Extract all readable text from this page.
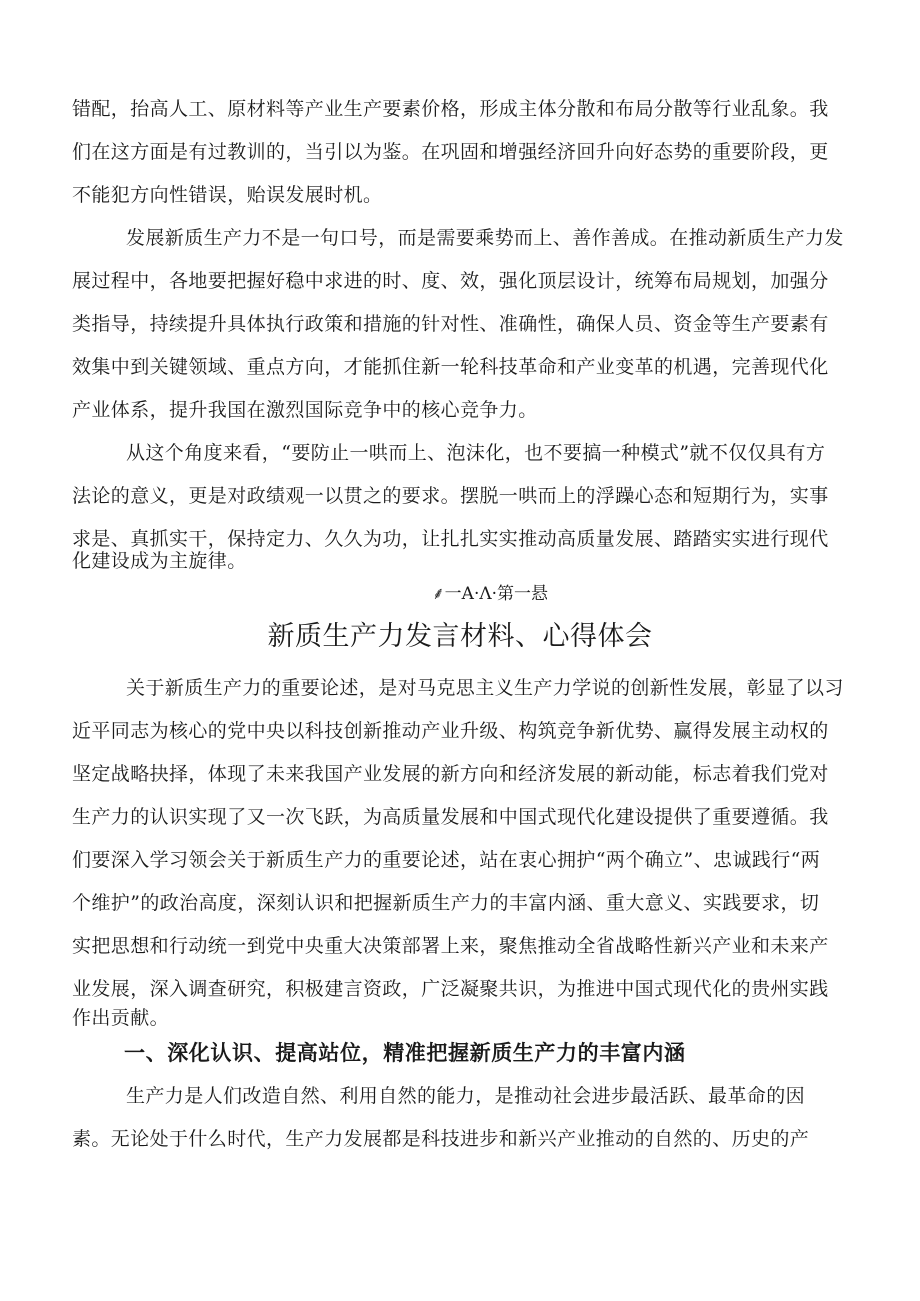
错配，抬高人工、原材料等产业生产要素价格，形成主体分散和布局分散等行业乱象。我
们在这方面是有过教训的，当引以为鉴。在巩固和增强经济回升向好态势的重要阶段，更
不能犯方向性错误，贻误发展时机。
发展新质生产力不是一句口号，而是需要乘势而上、善作善成。在推动新质生产力发
展过程中，各地要把握好稳中求进的时、度、效，强化顶层设计，统筹布局规划，加强分
类指导，持续提升具体执行政策和措施的针对性、准确性，确保人员、资金等生产要素有
效集中到关键领域、重点方向，才能抓住新一轮科技革命和产业变革的机遇，完善现代化
产业体系，提升我国在激烈国际竞争中的核心竞争力。
从这个角度来看，“要防止一哄而上、泡沫化，也不要搞一种模式”就不仅仅具有方
法论的意义，更是对政绩观一以贯之的要求。摆脱一哄而上的浮躁心态和短期行为，实事
求是、真抓实干，保持定力、久久为功，让扎扎实实推动高质量发展、踏踏实实进行现代
化建设成为主旋律。
⸙一A·Λ·第一悬
新质生产力发言材料、心得体会
关于新质生产力的重要论述，是对马克思主义生产力学说的创新性发展，彰显了以习
近平同志为核心的党中央以科技创新推动产业升级、构筑竞争新优势、赢得发展主动权的
坚定战略抉择，体现了未来我国产业发展的新方向和经济发展的新动能，标志着我们党对
生产力的认识实现了又一次飞跃，为高质量发展和中国式现代化建设提供了重要遵循。我
们要深入学习领会关于新质生产力的重要论述，站在衷心拥护“两个确立”、忠诚践行“两
个维护”的政治高度，深刻认识和把握新质生产力的丰富内涵、重大意义、实践要求，切
实把思想和行动统一到党中央重大决策部署上来，聚焦推动全省战略性新兴产业和未来产
业发展，深入调查研究，积极建言资政，广泛凝聚共识，为推进中国式现代化的贵州实践
作出贡献。
一、深化认识、提高站位，精准把握新质生产力的丰富内涵
生产力是人们改造自然、利用自然的能力，是推动社会进步最活跃、最革命的因
素。无论处于什么时代，生产力发展都是科技进步和新兴产业推动的自然的、历史的产
